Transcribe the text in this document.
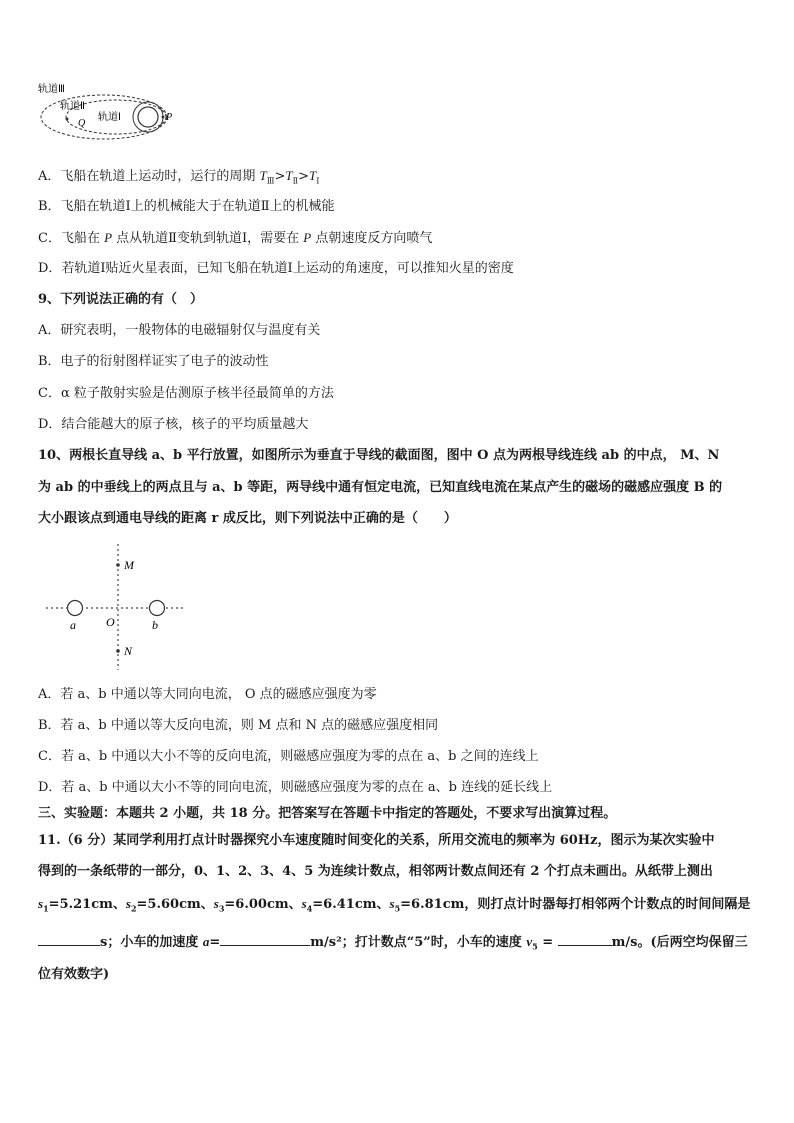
轨道Ⅲ
轨道Ⅱ
轨道Ⅰ
Q
P
A．飞船在轨道上运动时，运行的周期 $T_Ⅲ>T_Ⅱ>T_Ⅰ$
B．飞船在轨道Ⅰ上的机械能大于在轨道Ⅱ上的机械能
C．飞船在 P 点从轨道Ⅱ变轨到轨道Ⅰ，需要在 P 点朝速度反方向喷气
D．若轨道Ⅰ贴近火星表面，已知飞船在轨道Ⅰ上运动的角速度，可以推知火星的密度
9、下列说法正确的有（　）
A．研究表明，一般物体的电磁辐射仅与温度有关
B．电子的衍射图样证实了电子的波动性
C．α 粒子散射实验是估测原子核半径最简单的方法
D．结合能越大的原子核，核子的平均质量越大
10、两根长直导线 a、b 平行放置，如图所示为垂直于导线的截面图，图中 O 点为两根导线连线 ab 的中点， M、N
为 ab 的中垂线上的两点且与 a、b 等距，两导线中通有恒定电流，已知直线电流在某点产生的磁场的磁感应强度 B 的
大小跟该点到通电导线的距离 r 成反比，则下列说法中正确的是（　　）
M
N
O
a	b
A．若 a、b 中通以等大同向电流， O 点的磁感应强度为零
B．若 a、b 中通以等大反向电流，则 M 点和 N 点的磁感应强度相同
C．若 a、b 中通以大小不等的反向电流，则磁感应强度为零的点在 a、b 之间的连线上
D．若 a、b 中通以大小不等的同向电流，则磁感应强度为零的点在 a、b 连线的延长线上
三、实验题：本题共 2 小题，共 18 分。把答案写在答题卡中指定的答题处，不要求写出演算过程。
11.（6 分）某同学利用打点计时器探究小车速度随时间变化的关系，所用交流电的频率为 60Hz，图示为某次实验中
得到的一条纸带的一部分，0、1、2、3、4、5 为连续计数点，相邻两计数点间还有 2 个打点未画出。从纸带上测出
$s_1=5.21cm$、$s_2=5.60cm$、$s_3=6.00cm$、$s_4=6.41cm$、$s_5=6.81cm$，则打点计时器每打相邻两个计数点的时间间隔是
s；小车的加速度 a=	m/s²；打计数点“5”时，小车的速度 $v_5$ =	m/s。(后两空均保留三
位有效数字)
